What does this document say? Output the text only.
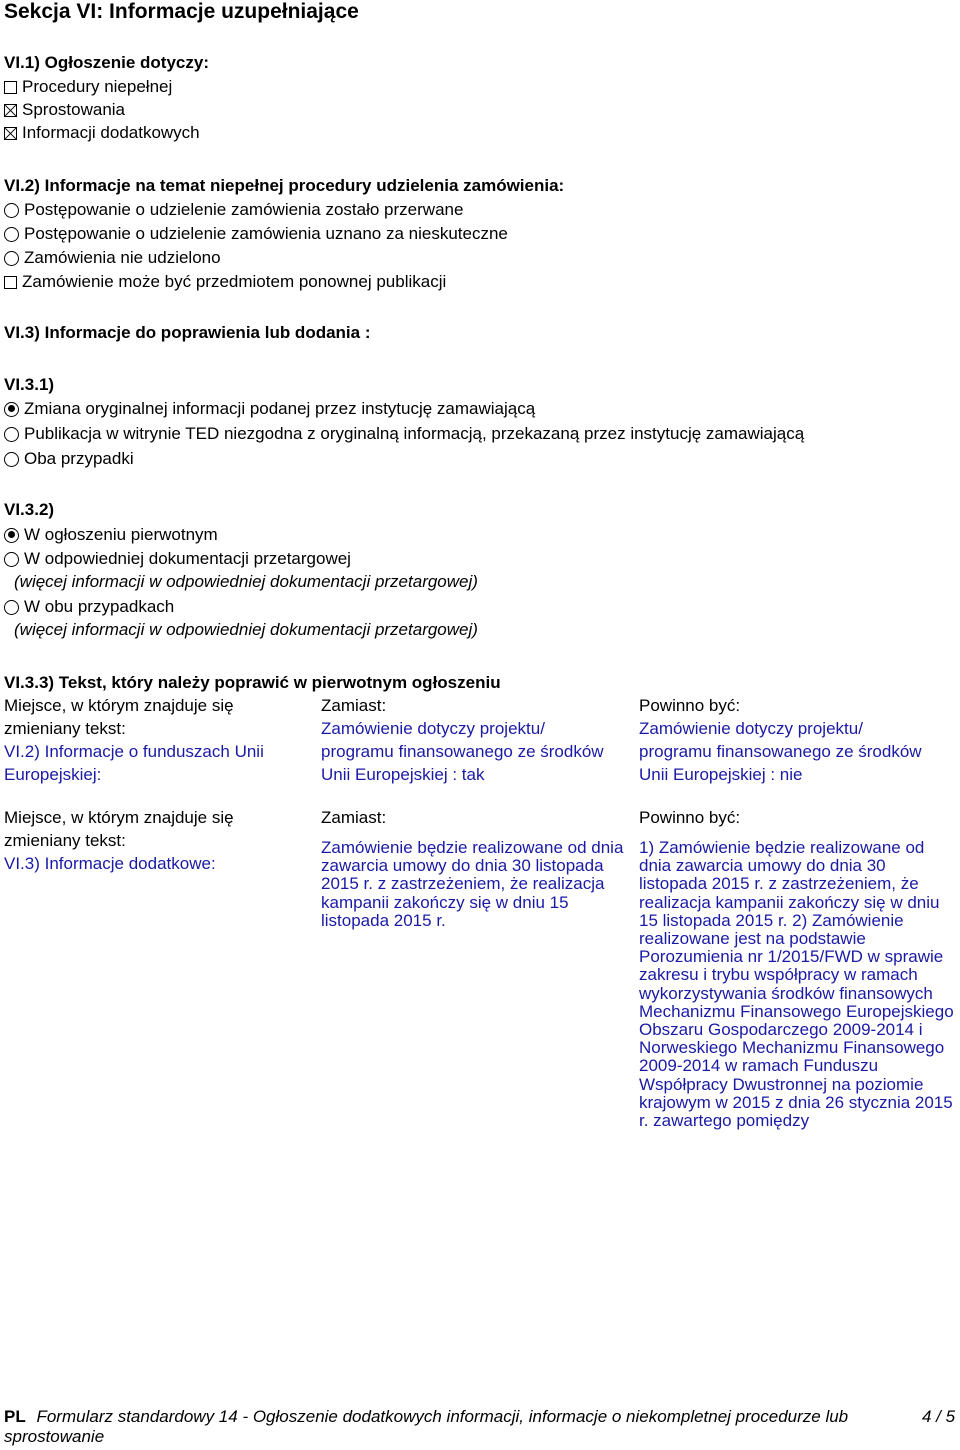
Sekcja VI: Informacje uzupełniające
VI.1) Ogłoszenie dotyczy:
Procedury niepełnej
Sprostowania
Informacji dodatkowych
VI.2) Informacje na temat niepełnej procedury udzielenia zamówienia:
Postępowanie o udzielenie zamówienia zostało przerwane
Postępowanie o udzielenie zamówienia uznano za nieskuteczne
Zamówienia nie udzielono
Zamówienie może być przedmiotem ponownej publikacji
VI.3) Informacje do poprawienia lub dodania :
VI.3.1)
Zmiana oryginalnej informacji podanej przez instytucję zamawiającą
Publikacja w witrynie TED niezgodna z oryginalną informacją, przekazaną przez instytucję zamawiającą
Oba przypadki
VI.3.2)
W ogłoszeniu pierwotnym
W odpowiedniej dokumentacji przetargowej
(więcej informacji w odpowiedniej dokumentacji przetargowej)
W obu przypadkach
(więcej informacji w odpowiedniej dokumentacji przetargowej)
VI.3.3) Tekst, który należy poprawić w pierwotnym ogłoszeniu
Miejsce, w którym znajduje się zmieniany tekst:
VI.2) Informacje o funduszach Unii Europejskiej:
Zamiast:
Zamówienie dotyczy projektu/ programu finansowanego ze środków Unii Europejskiej : tak
Powinno być:
Zamówienie dotyczy projektu/ programu finansowanego ze środków Unii Europejskiej : nie
Miejsce, w którym znajduje się zmieniany tekst:
VI.3) Informacje dodatkowe:
Zamiast:
Zamówienie będzie realizowane od dnia zawarcia umowy do dnia 30 listopada 2015 r. z zastrzeżeniem, że realizacja kampanii zakończy się w dniu 15 listopada 2015 r.
Powinno być:
1) Zamówienie będzie realizowane od dnia zawarcia umowy do dnia 30 listopada 2015 r. z zastrzeżeniem, że realizacja kampanii zakończy się w dniu 15 listopada 2015 r. 2) Zamówienie realizowane jest na podstawie Porozumienia nr 1/2015/FWD w sprawie zakresu i trybu współpracy w ramach wykorzystywania środków finansowych Mechanizmu Finansowego Europejskiego Obszaru Gospodarczego 2009-2014 i Norweskiego Mechanizmu Finansowego 2009-2014 w ramach Funduszu Współpracy Dwustronnej na poziomie krajowym w 2015 z dnia 26 stycznia 2015 r. zawartego pomiędzy
PL Formularz standardowy 14 - Ogłoszenie dodatkowych informacji, informacje o niekompletnej procedurze lub sprostowanie
4 / 5
